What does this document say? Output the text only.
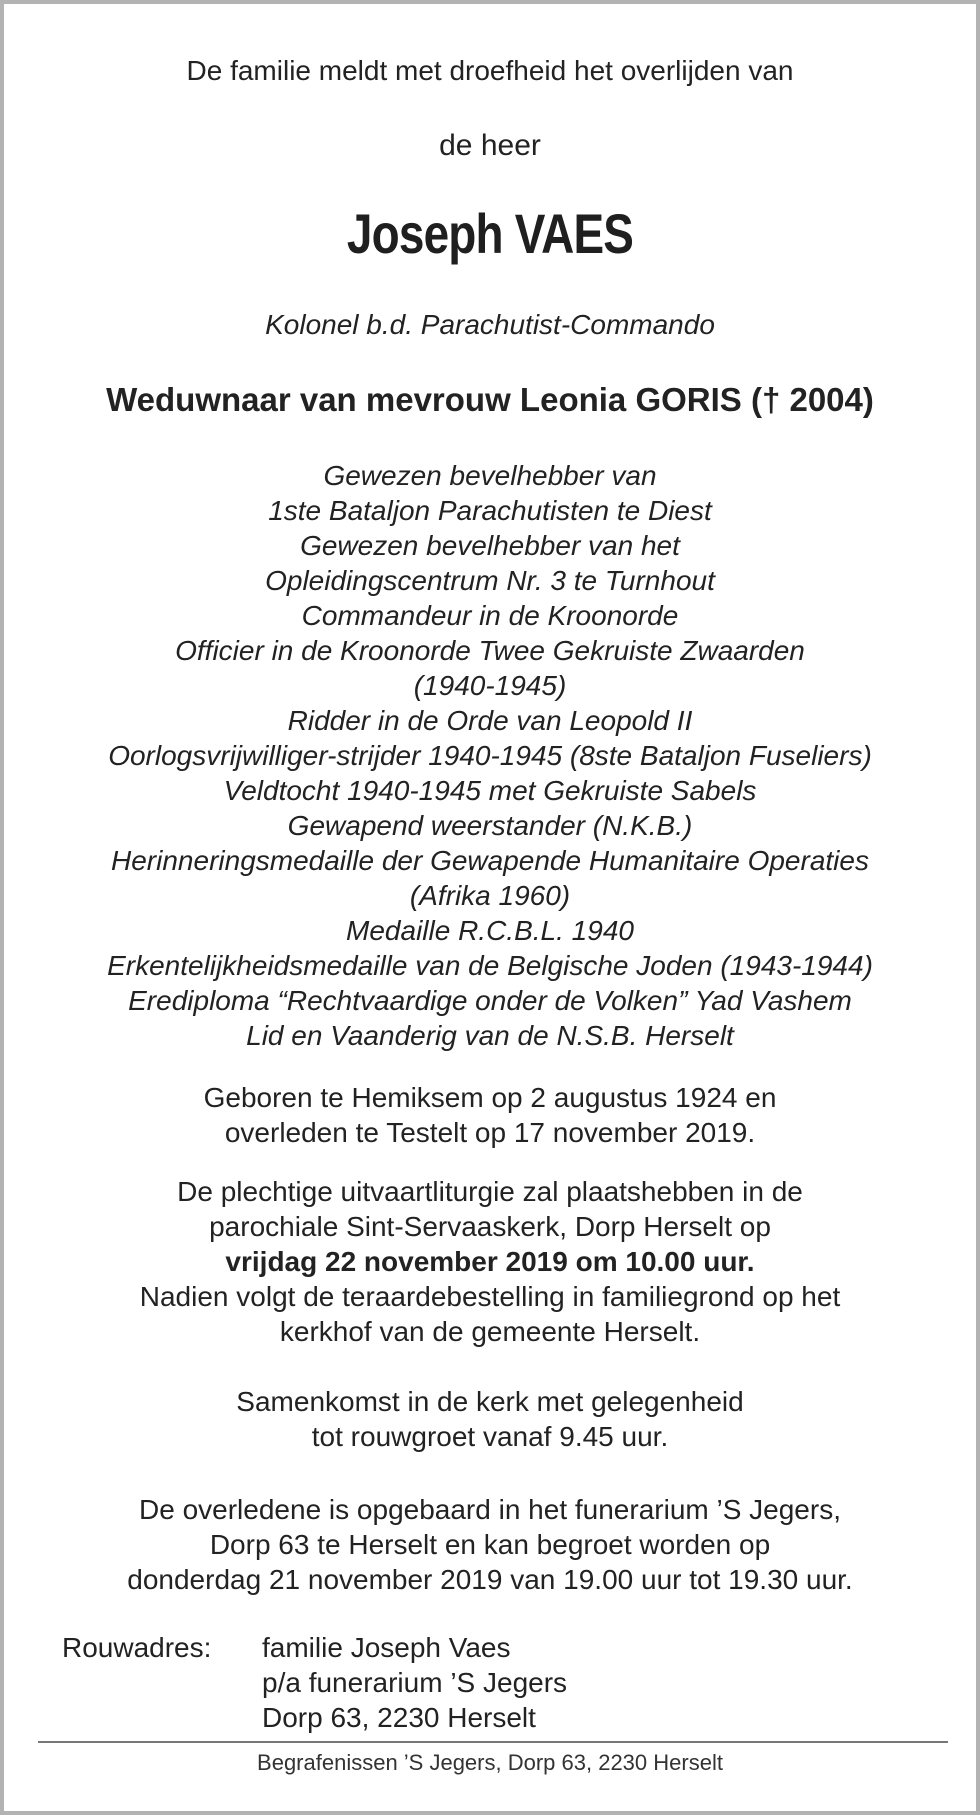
De familie meldt met droefheid het overlijden van
de heer
Joseph VAES
Kolonel b.d. Parachutist-Commando
Weduwnaar van mevrouw Leonia GORIS († 2004)
Gewezen bevelhebber van
1ste Bataljon Parachutisten te Diest
Gewezen bevelhebber van het
Opleidingscentrum Nr. 3 te Turnhout
Commandeur in de Kroonorde
Officier in de Kroonorde Twee Gekruiste Zwaarden
(1940-1945)
Ridder in de Orde van Leopold II
Oorlogsvrijwilliger-strijder 1940-1945 (8ste Bataljon Fuseliers)
Veldtocht 1940-1945 met Gekruiste Sabels
Gewapend weerstander (N.K.B.)
Herinneringsmedaille der Gewapende Humanitaire Operaties
(Afrika 1960)
Medaille R.C.B.L. 1940
Erkentelijkheidsmedaille van de Belgische Joden (1943-1944)
Erediploma “Rechtvaardige onder de Volken” Yad Vashem
Lid en Vaanderig van de N.S.B. Herselt

Geboren te Hemiksem op 2 augustus 1924 en

overleden te Testelt op 17 november 2019.

De plechtige uitvaartliturgie zal plaatshebben in de

parochiale Sint-Servaaskerk, Dorp Herselt op

vrijdag 22 november 2019 om 10.00 uur.

Nadien volgt de teraardebestelling in familiegrond op het

kerkhof van de gemeente Herselt.

Samenkomst in de kerk met gelegenheid

tot rouwgroet vanaf 9.45 uur.

De overledene is opgebaard in het funerarium ’S Jegers,

Dorp 63 te Herselt en kan begroet worden op

donderdag 21 november 2019 van 19.00 uur tot 19.30 uur.

Rouwadres: familie Joseph Vaes
p/a funerarium ’S Jegers
Dorp 63, 2230 Herselt
Begrafenissen ’S Jegers, Dorp 63, 2230 Herselt
